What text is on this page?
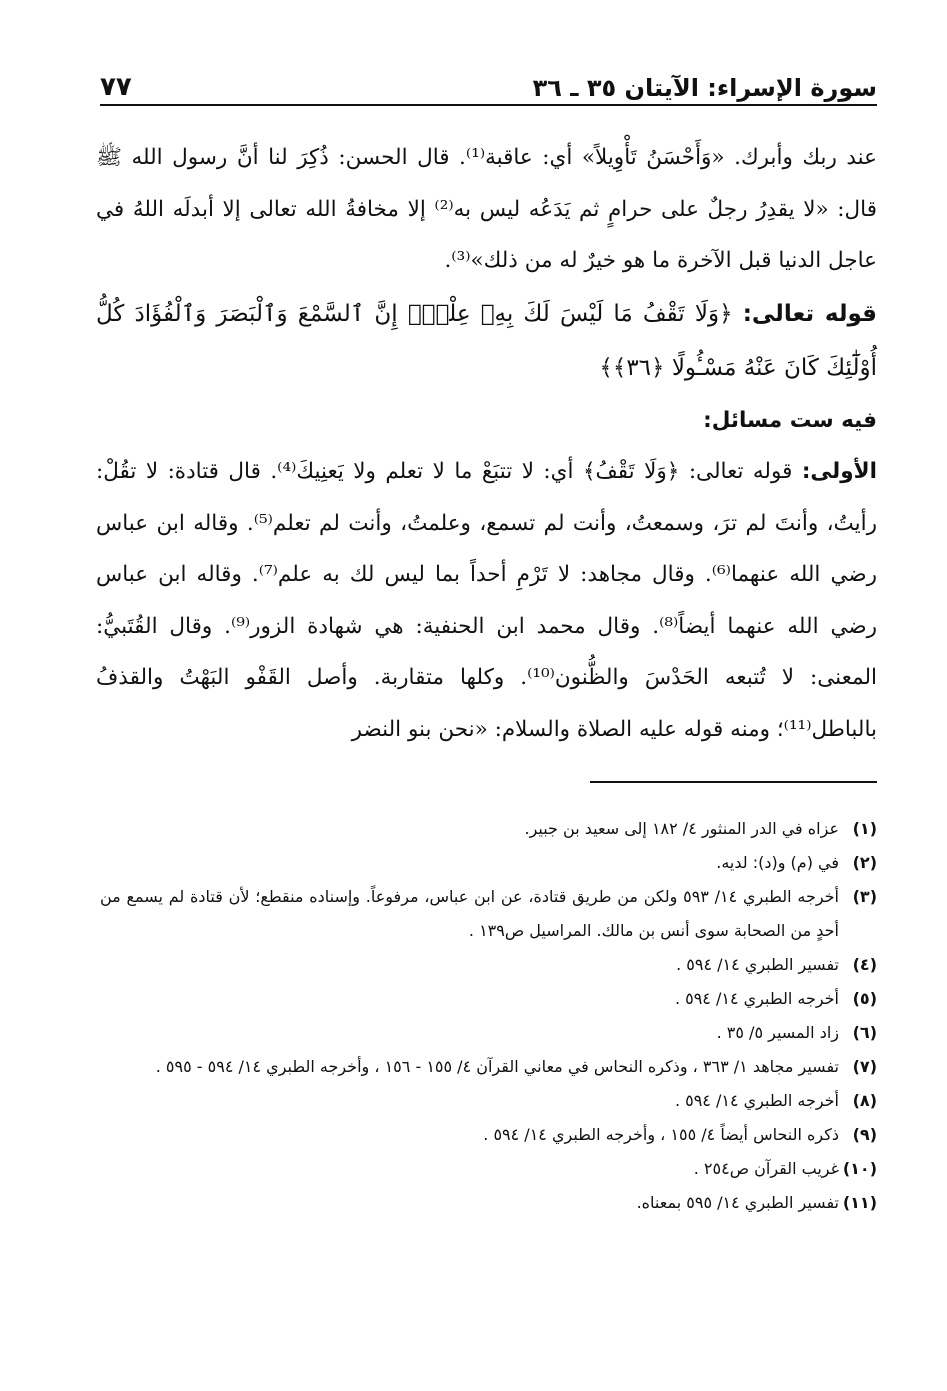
سورة الإسراء: الآيتان ٣٥ ـ ٣٦
٧٧

عند ربك وأبرك. «وَأَحْسَنُ تَأْوِيلاً» أي: عاقبة⁽¹⁾. قال الحسن: ذُكِرَ لنا أنَّ رسول الله ﷺ قال: «لا يقدِرُ رجلٌ على حرامٍ ثم يَدَعُه ليس به⁽²⁾ إلا مخافةُ الله تعالى إلا أبدلَه اللهُ في عاجل الدنيا قبل الآخرة ما هو خيرٌ له من ذلك»⁽³⁾.

قوله تعالى: ﴿وَلَا تَقْفُ مَا لَيْسَ لَكَ بِهِۦ عِلْمٌۚ إِنَّ ٱلسَّمْعَ وَٱلْبَصَرَ وَٱلْفُؤَادَ كُلُّ أُوْلَٰٓئِكَ كَانَ عَنْهُ مَسْـُٔولًا ﴿٣٦﴾﴾

فيه ست مسائل:

الأولى: قوله تعالى: ﴿وَلَا تَقْفُ﴾ أي: لا تتبَعْ ما لا تعلم ولا يَعنِيكَ⁽⁴⁾. قال قتادة: لا تقُلْ: رأيتُ، وأنتَ لم ترَ، وسمعتُ، وأنت لم تسمع، وعلمتُ، وأنت لم تعلم⁽⁵⁾. وقاله ابن عباس رضي الله عنهما⁽⁶⁾. وقال مجاهد: لا تَرْمِ أحداً بما ليس لك به علم⁽⁷⁾. وقاله ابن عباس رضي الله عنهما أيضاً⁽⁸⁾. وقال محمد ابن الحنفية: هي شهادة الزور⁽⁹⁾. وقال القُتَبيُّ: المعنى: لا تُتبعه الحَدْسَ والظُّنون⁽¹⁰⁾. وكلها متقاربة. وأصل القَفْو البَهْتُ والقذفُ بالباطل⁽¹¹⁾؛ ومنه قوله عليه الصلاة والسلام: «نحن بنو النضر

(١)
عزاه في الدر المنثور ٤/ ١٨٢ إلى سعيد بن جبير.
(٢)
في (م) و(د): لديه.
(٣)
أخرجه الطبري ١٤/ ٥٩٣ ولكن من طريق قتادة، عن ابن عباس، مرفوعاً. وإسناده منقطع؛ لأن قتادة لم يسمع من أحدٍ من الصحابة سوى أنس بن مالك. المراسيل ص١٣٩ .
(٤)
تفسير الطبري ١٤/ ٥٩٤ .
(٥)
أخرجه الطبري ١٤/ ٥٩٤ .
(٦)
زاد المسير ٥/ ٣٥ .
(٧)
تفسير مجاهد ١/ ٣٦٣ ، وذكره النحاس في معاني القرآن ٤/ ١٥٥ - ١٥٦ ، وأخرجه الطبري ١٤/ ٥٩٤ - ٥٩٥ .
(٨)
أخرجه الطبري ١٤/ ٥٩٤ .
(٩)
ذكره النحاس أيضاً ٤/ ١٥٥ ، وأخرجه الطبري ١٤/ ٥٩٤ .
(١٠)
غريب القرآن ص٢٥٤ .
(١١)
تفسير الطبري ١٤/ ٥٩٥ بمعناه.
